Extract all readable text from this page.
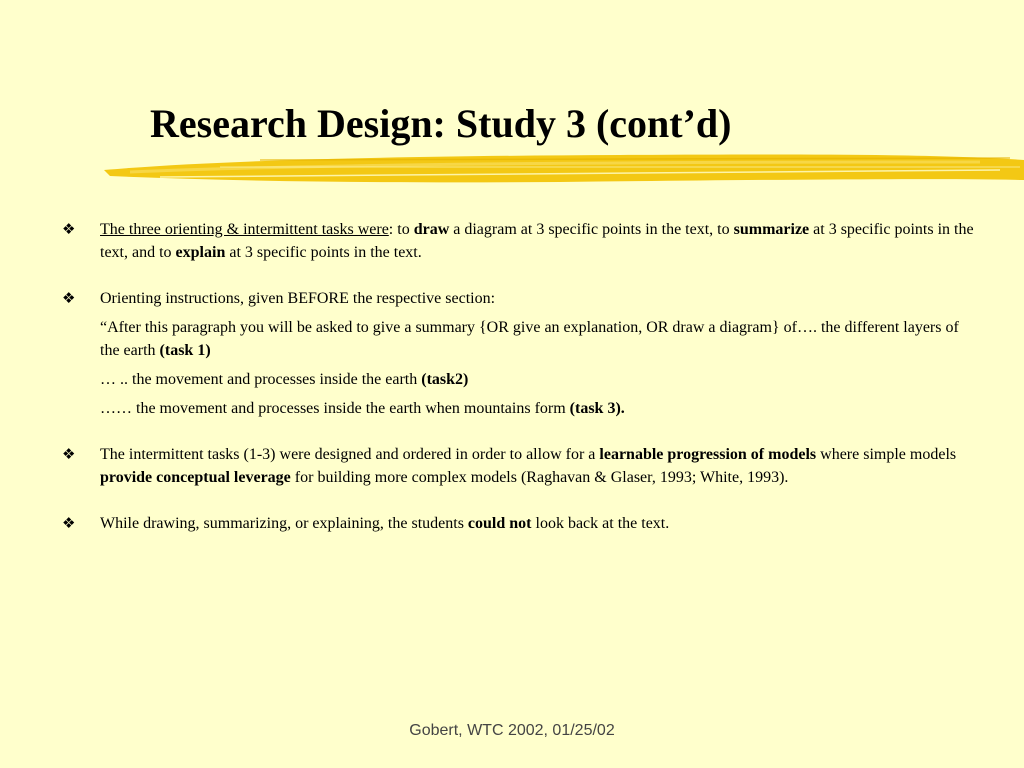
Research Design: Study 3 (cont’d)
❖	The three orienting & intermittent tasks were: to draw a diagram at 3 specific points in the text, to summarize at 3 specific points in the text, and to explain at 3 specific points in the text.
❖	Orienting instructions, given BEFORE the respective section:
“After this paragraph you will be asked to give a summary {OR give an explanation, OR draw a diagram} of…. the different layers of the earth (task 1)
… .. the movement and processes inside the earth (task2)
…… the movement and processes inside the earth when mountains form (task 3).
❖	The intermittent tasks (1-3) were designed and ordered in order to allow for a learnable progression of models where simple models provide conceptual leverage for building more complex models (Raghavan & Glaser, 1993; White, 1993).
❖	While drawing, summarizing, or explaining, the students could not look back at the text.
Gobert, WTC 2002, 01/25/02
